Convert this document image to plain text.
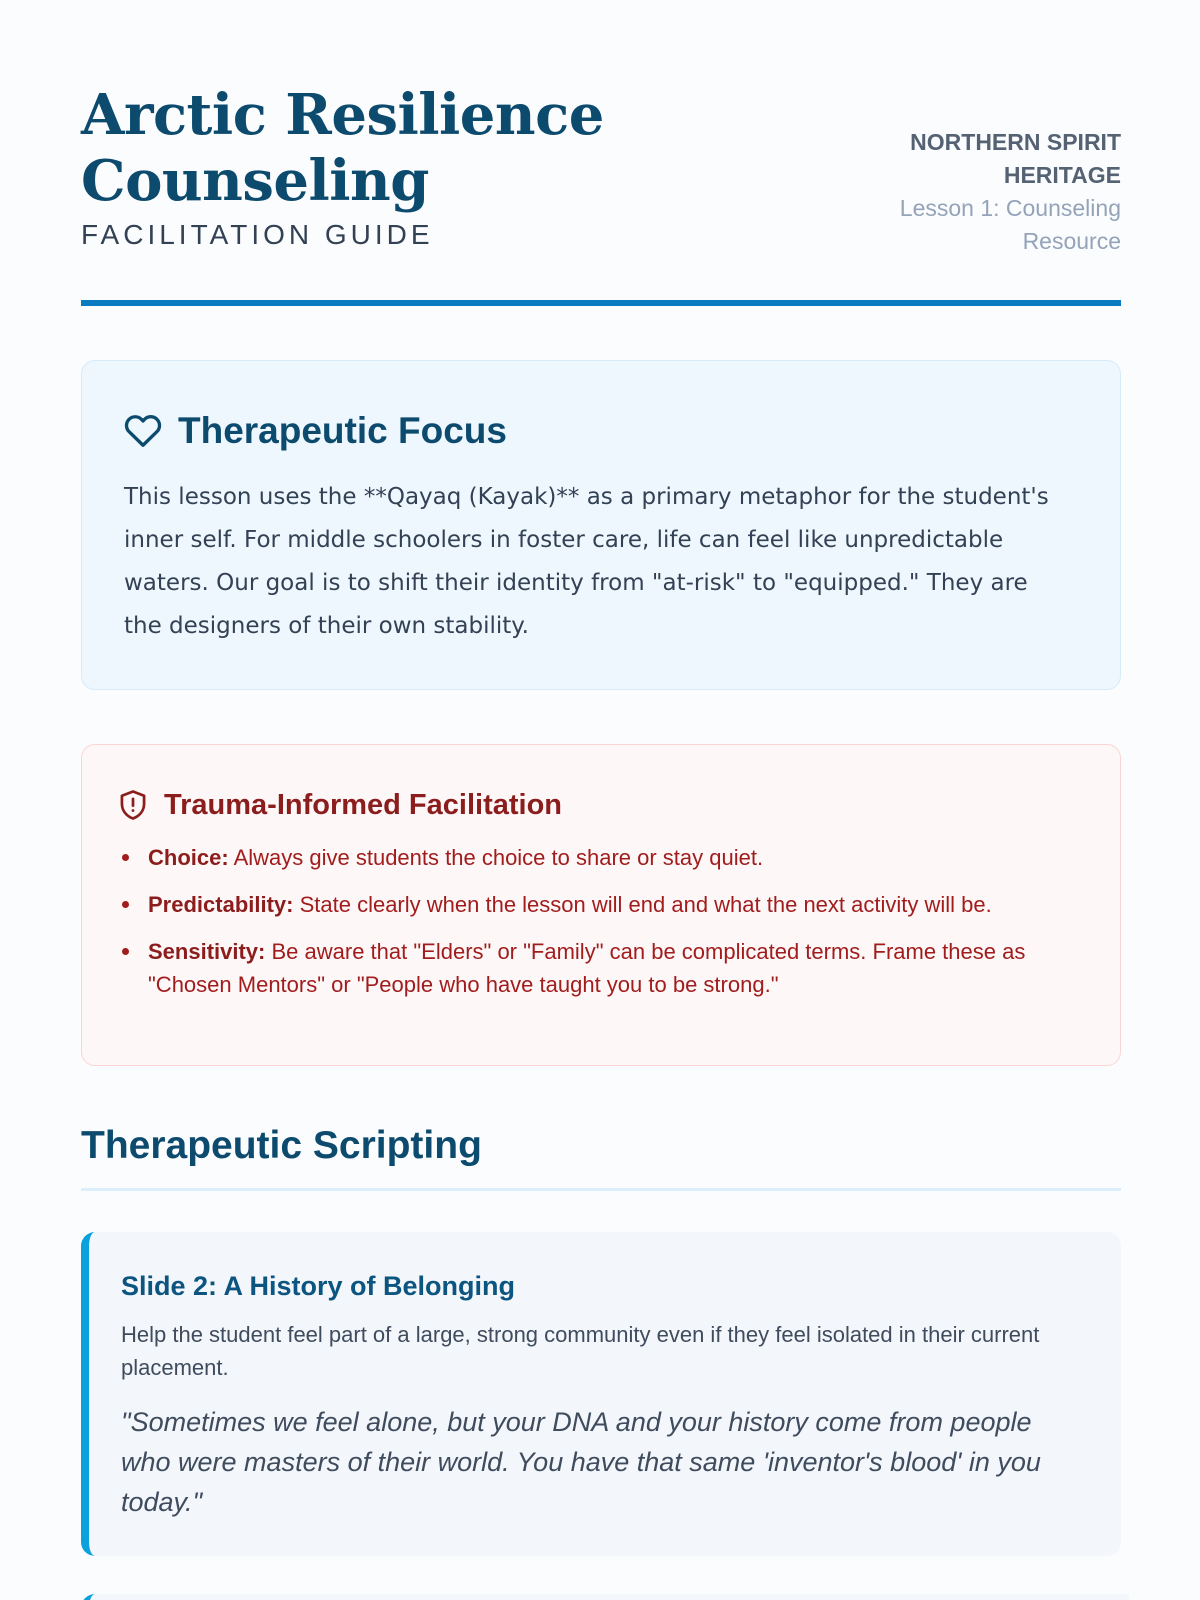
Arctic Resilience Counseling
FACILITATION GUIDE
NORTHERN SPIRIT HERITAGE
Lesson 1: Counseling Resource
Therapeutic Focus

This lesson uses the **Qayaq (Kayak)** as a primary metaphor for the student's inner self. For middle schoolers in foster care, life can feel like unpredictable waters. Our goal is to shift their identity from "at-risk" to "equipped." They are the designers of their own stability.

Trauma-Informed Facilitation
Choice: Always give students the choice to share or stay quiet.
Predictability: State clearly when the lesson will end and what the next activity will be.
Sensitivity: Be aware that "Elders" or "Family" can be complicated terms. Frame these as "Chosen Mentors" or "People who have taught you to be strong."
Therapeutic Scripting
Slide 2: A History of Belonging

Help the student feel part of a large, strong community even if they feel isolated in their current placement.

"Sometimes we feel alone, but your DNA and your history come from people who were masters of their world. You have that same 'inventor's blood' in you today."
